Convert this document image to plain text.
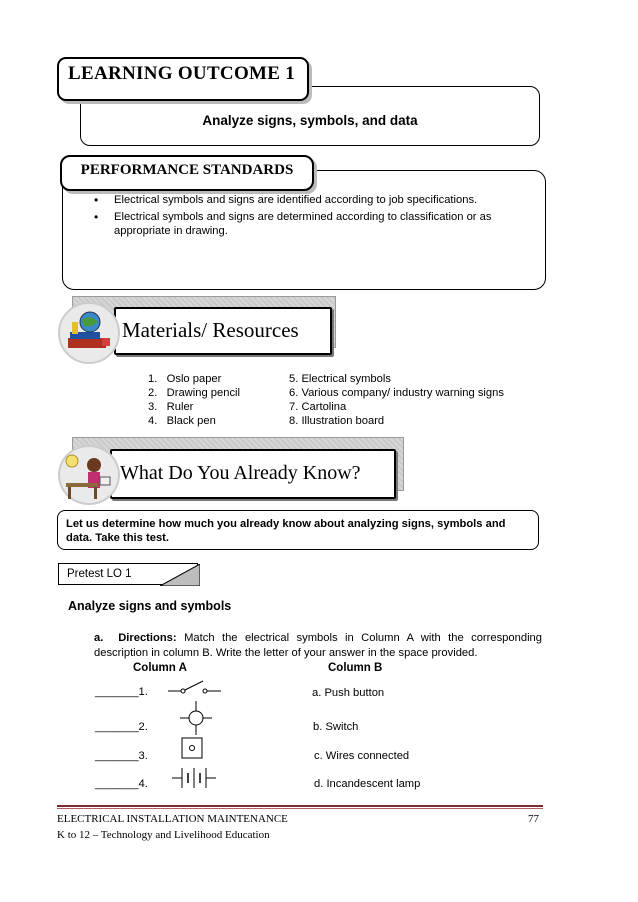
LEARNING OUTCOME 1
Analyze signs, symbols, and data
PERFORMANCE STANDARDS
• Electrical symbols and signs are identified according to job specifications.
• Electrical symbols and signs are determined according to classification or as appropriate in drawing.
Materials/ Resources
1.   Oslo paper
2.   Drawing pencil
3.   Ruler
4.   Black pen
5. Electrical symbols
6. Various company/ industry warning signs
7. Cartolina
8. Illustration board
What Do You Already Know?
Let us determine how much you already know about analyzing signs, symbols and data. Take this test.
Pretest LO 1
Analyze signs and symbols
a.  Directions: Match the electrical symbols in Column A with the corresponding description in column B. Write the letter of your answer in the space provided.
Column A	Column B
_______1.	a. Push button
_______2.	b. Switch
_______3.	c. Wires connected
_______4.	d. Incandescent lamp
ELECTRICAL INSTALLATION MAINTENANCE
K to 12 – Technology and Livelihood Education
77
